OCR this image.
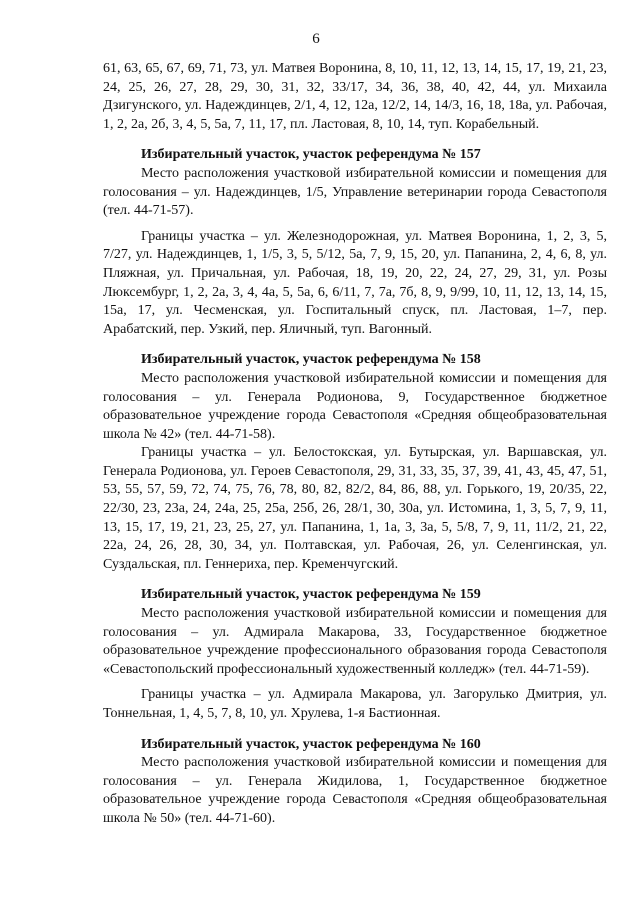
6

61, 63, 65, 67, 69, 71, 73, ул. Матвея Воронина, 8, 10, 11, 12, 13, 14, 15, 17, 19, 21, 23, 24, 25, 26, 27, 28, 29, 30, 31, 32, 33/17, 34, 36, 38, 40, 42, 44, ул. Михаила Дзигунского, ул. Надеждинцев, 2/1, 4, 12, 12а, 12/2, 14, 14/3, 16, 18, 18а, ул. Рабочая, 1, 2, 2а, 2б, 3, 4, 5, 5а, 7, 11, 17, пл. Ластовая, 8, 10, 14, туп. Корабельный.

Избирательный участок, участок референдума № 157

Место расположения участковой избирательной комиссии и помещения для голосования – ул. Надеждинцев, 1/5, Управление ветеринарии города Севастополя (тел. 44-71-57).

Границы участка – ул. Железнодорожная, ул. Матвея Воронина, 1, 2, 3, 5, 7/27, ул. Надеждинцев, 1, 1/5, 3, 5, 5/12, 5а, 7, 9, 15, 20, ул. Папанина, 2, 4, 6, 8, ул. Пляжная, ул. Причальная, ул. Рабочая, 18, 19, 20, 22, 24, 27, 29, 31, ул. Розы Люксембург, 1, 2, 2а, 3, 4, 4а, 5, 5а, 6, 6/11, 7, 7а, 7б, 8, 9, 9/99, 10, 11, 12, 13, 14, 15, 15а, 17, ул. Чесменская, ул. Госпитальный спуск, пл. Ластовая, 1–7, пер. Арабатский, пер. Узкий, пер. Яличный, туп. Вагонный.

Избирательный участок, участок референдума № 158

Место расположения участковой избирательной комиссии и помещения для голосования – ул. Генерала Родионова, 9, Государственное бюджетное образовательное учреждение города Севастополя «Средняя общеобразовательная школа № 42» (тел. 44-71-58).

Границы участка – ул. Белостокская, ул. Бутырская, ул. Варшавская, ул. Генерала Родионова, ул. Героев Севастополя, 29, 31, 33, 35, 37, 39, 41, 43, 45, 47, 51, 53, 55, 57, 59, 72, 74, 75, 76, 78, 80, 82, 82/2, 84, 86, 88, ул. Горького, 19, 20/35, 22, 22/30, 23, 23а, 24, 24а, 25, 25а, 25б, 26, 28/1, 30, 30а, ул. Истомина, 1, 3, 5, 7, 9, 11, 13, 15, 17, 19, 21, 23, 25, 27, ул. Папанина, 1, 1а, 3, 3а, 5, 5/8, 7, 9, 11, 11/2, 21, 22, 22а, 24, 26, 28, 30, 34, ул. Полтавская, ул. Рабочая, 26, ул. Селенгинская, ул. Суздальская, пл. Геннериха, пер. Кременчугский.

Избирательный участок, участок референдума № 159

Место расположения участковой избирательной комиссии и помещения для голосования – ул. Адмирала Макарова, 33, Государственное бюджетное образовательное учреждение профессионального образования города Севастополя «Севастопольский профессиональный художественный колледж» (тел. 44-71-59).

Границы участка – ул. Адмирала Макарова, ул. Загорулько Дмитрия, ул. Тоннельная, 1, 4, 5, 7, 8, 10, ул. Хрулева, 1-я Бастионная.

Избирательный участок, участок референдума № 160

Место расположения участковой избирательной комиссии и помещения для голосования – ул. Генерала Жидилова, 1, Государственное бюджетное образовательное учреждение города Севастополя «Средняя общеобразовательная школа № 50» (тел. 44-71-60).
